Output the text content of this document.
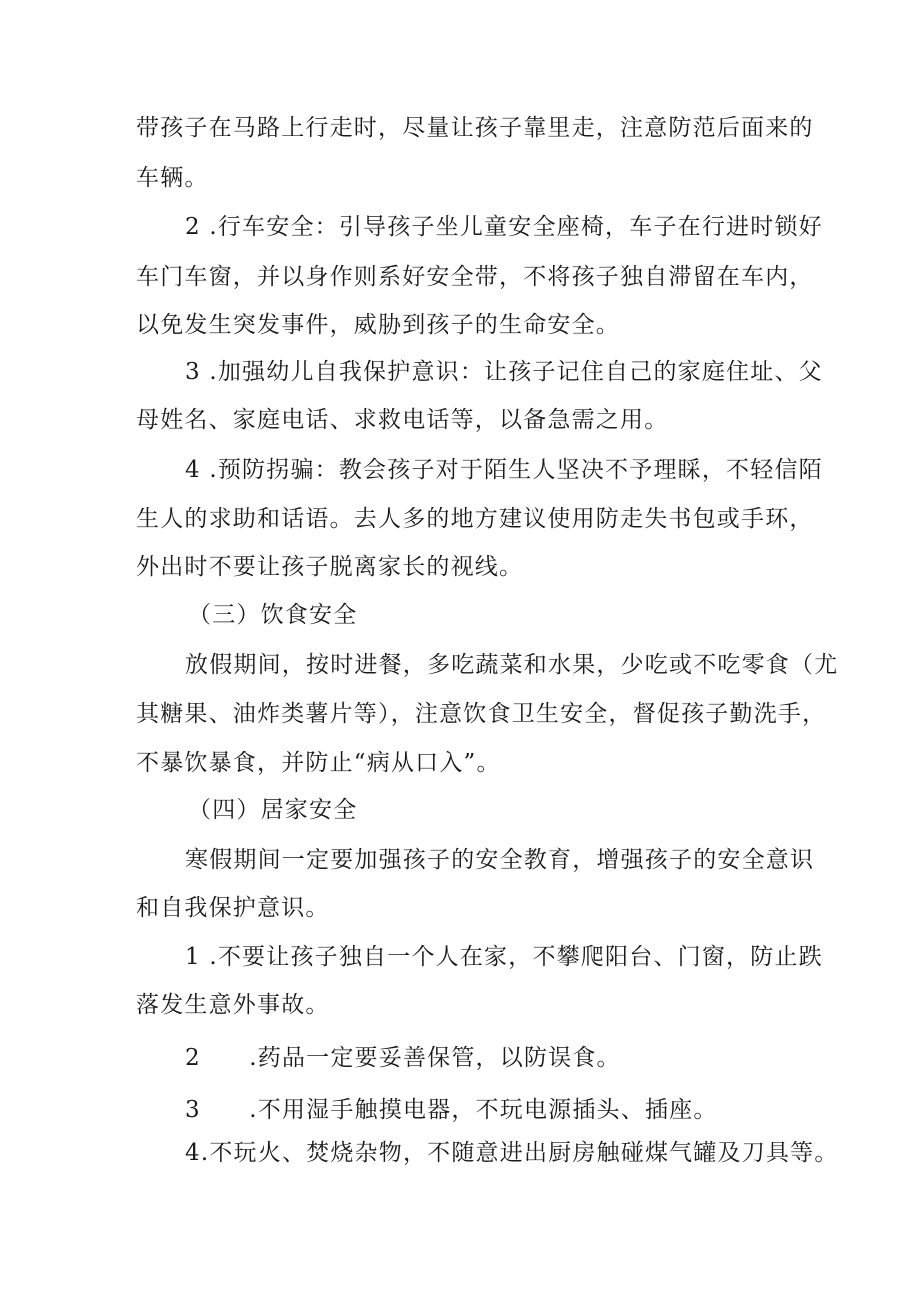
带孩子在马路上行走时，尽量让孩子靠里走，注意防范后面来的
车辆。
2 .行车安全：引导孩子坐儿童安全座椅，车子在行进时锁好
车门车窗，并以身作则系好安全带，不将孩子独自滞留在车内，
以免发生突发事件，威胁到孩子的生命安全。
3 .加强幼儿自我保护意识：让孩子记住自己的家庭住址、父
母姓名、家庭电话、求救电话等，以备急需之用。
4 .预防拐骗：教会孩子对于陌生人坚决不予理睬，不轻信陌
生人的求助和话语。去人多的地方建议使用防走失书包或手环，
外出时不要让孩子脱离家长的视线。
（三）饮食安全
放假期间，按时进餐，多吃蔬菜和水果，少吃或不吃零食（尤
其糖果、油炸类薯片等），注意饮食卫生安全，督促孩子勤洗手，
不暴饮暴食，并防止“病从口入”。
（四）居家安全
寒假期间一定要加强孩子的安全教育，增强孩子的安全意识
和自我保护意识。
1 .不要让孩子独自一个人在家，不攀爬阳台、门窗，防止跌
落发生意外事故。
2　　.药品一定要妥善保管，以防误食。
3　　.不用湿手触摸电器，不玩电源插头、插座。
4.不玩火、焚烧杂物，不随意进出厨房触碰煤气罐及刀具等。
